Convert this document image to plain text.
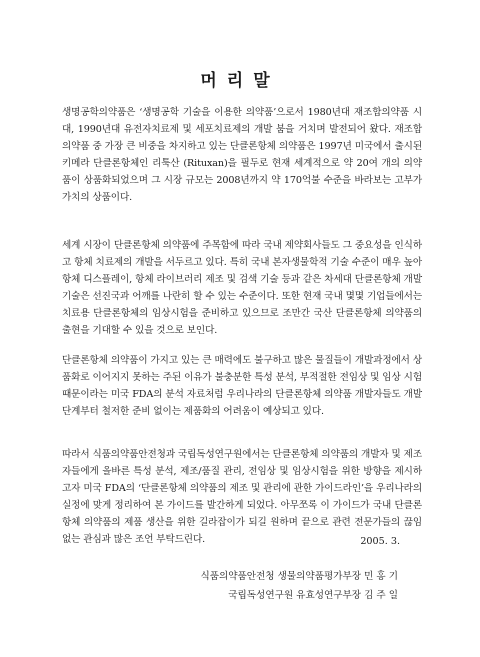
머리말

생명공학의약품은 ‘생명공학 기술을 이용한 의약품’으로서 1980년대 재조합의약품 시대, 1990년대 유전자치료제 및 세포치료제의 개발 붐을 거치며 발전되어 왔다. 재조합의약품 중 가장 큰 비중을 차지하고 있는 단클론항체 의약품은 1997년 미국에서 출시된 키메라 단클론항체인 리툭산 (Rituxan)을 필두로 현재 세계적으로 약 20여 개의 의약품이 상품화되었으며 그 시장 규모는 2008년까지 약 170억불 수준을 바라보는 고부가가치의 상품이다.

세계 시장이 단클론항체 의약품에 주목함에 따라 국내 제약회사들도 그 중요성을 인식하고 항체 치료제의 개발을 서두르고 있다. 특히 국내 본자생물학적 기술 수준이 매우 높아 항체 디스플레이, 항체 라이브러리 제조 및 검색 기술 등과 같은 차세대 단클론항체 개발 기술은 선진국과 어깨를 나란히 할 수 있는 수준이다. 또한 현재 국내 몇몇 기업들에서는 치료용 단클론항체의 임상시험을 준비하고 있으므로 조만간 국산 단클론항체 의약품의 출현을 기대할 수 있을 것으로 보인다.

단클론항체 의약품이 가지고 있는 큰 매력에도 불구하고 많은 물질들이 개발과정에서 상품화로 이어지지 못하는 주된 이유가 불충분한 특성 분석, 부적절한 전임상 및 임상 시험 때문이라는 미국 FDA의 분석 자료처럼 우리나라의 단클론항체 의약품 개발자들도 개발단계부터 철저한 준비 없이는 제품화의 어려움이 예상되고 있다.

따라서 식품의약품안전청과 국립독성연구원에서는 단클론항체 의약품의 개발자 및 제조자들에게 올바른 특성 분석, 제조/품질 관리, 전임상 및 임상시험을 위한 방향을 제시하고자 미국 FDA의 ‘단클론항체 의약품의 제조 및 관리에 관한 가이드라인’을 우리나라의 실정에 맞게 정리하여 본 가이드를 발간하게 되었다. 아무쪼록 이 가이드가 국내 단클론항체 의약품의 제품 생산을 위한 길라잡이가 되길 원하며 끝으로 관련 전문가들의 끊임없는 관심과 많은 조언 부탁드린다.	2005. 3.
식품의약품안전청 생물의약품평가부장 민 홍 기
국립독성연구원 유효성연구부장 김 주 일
